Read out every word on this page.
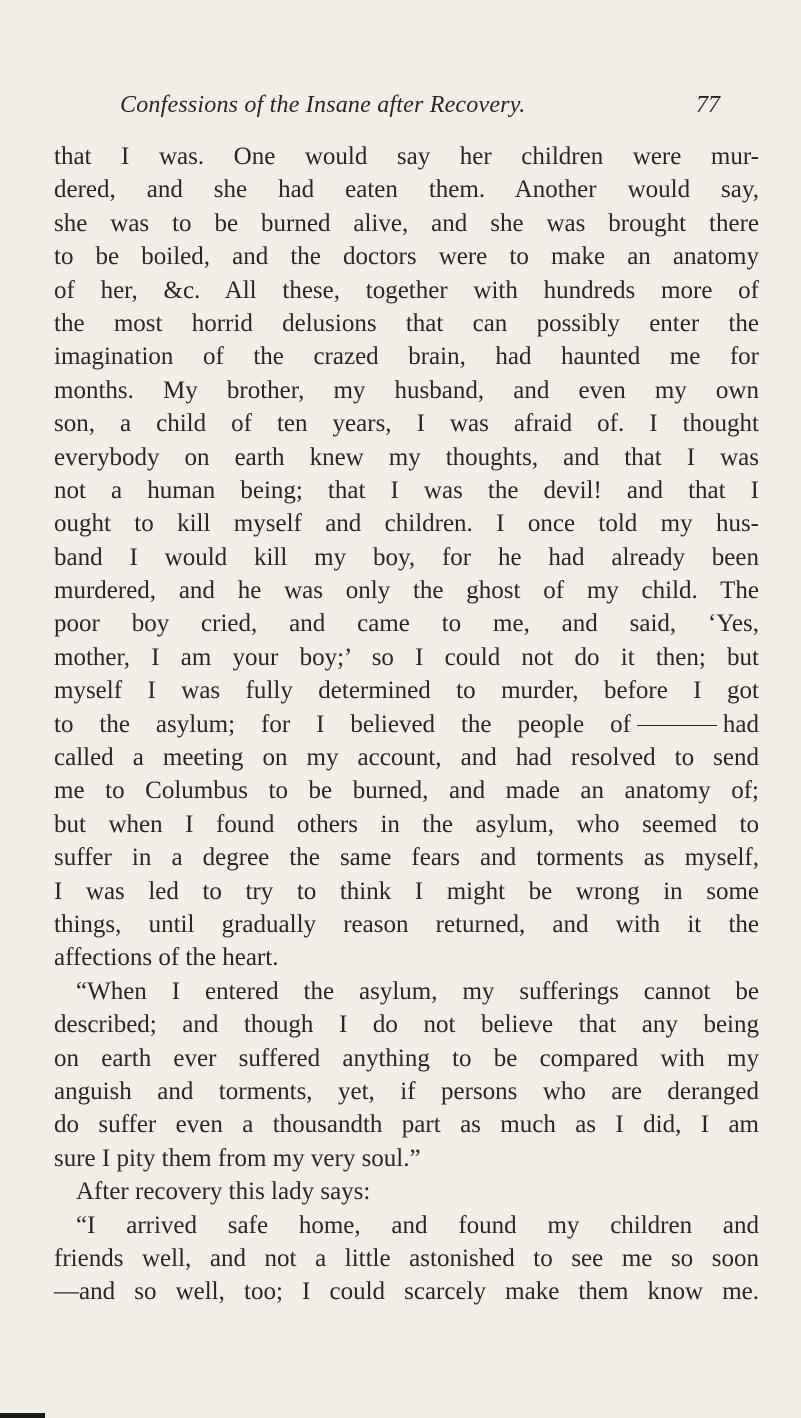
Confessions of the Insane after Recovery.	77
that I was. One would say her children were mur-
dered, and she had eaten them. Another would say,
she was to be burned alive, and she was brought there
to be boiled, and the doctors were to make an anatomy
of her, &c. All these, together with hundreds more of
the most horrid delusions that can possibly enter the
imagination of the crazed brain, had haunted me for
months. My brother, my husband, and even my own
son, a child of ten years, I was afraid of. I thought
everybody on earth knew my thoughts, and that I was
not a human being; that I was the devil! and that I
ought to kill myself and children. I once told my hus-
band I would kill my boy, for he had already been
murdered, and he was only the ghost of my child. The
poor boy cried, and came to me, and said, ‘Yes,
mother, I am your boy;’ so I could not do it then; but
myself I was fully determined to murder, before I got
to the asylum; for I believed the people of	had
called a meeting on my account, and had resolved to send
me to Columbus to be burned, and made an anatomy of;
but when I found others in the asylum, who seemed to
suffer in a degree the same fears and torments as myself,
I was led to try to think I might be wrong in some
things, until gradually reason returned, and with it the
affections of the heart.
“When I entered the asylum, my sufferings cannot be
described; and though I do not believe that any being
on earth ever suffered anything to be compared with my
anguish and torments, yet, if persons who are deranged
do suffer even a thousandth part as much as I did, I am
sure I pity them from my very soul.”
After recovery this lady says:
“I arrived safe home, and found my children and
friends well, and not a little astonished to see me so soon
—and so well, too; I could scarcely make them know me.
